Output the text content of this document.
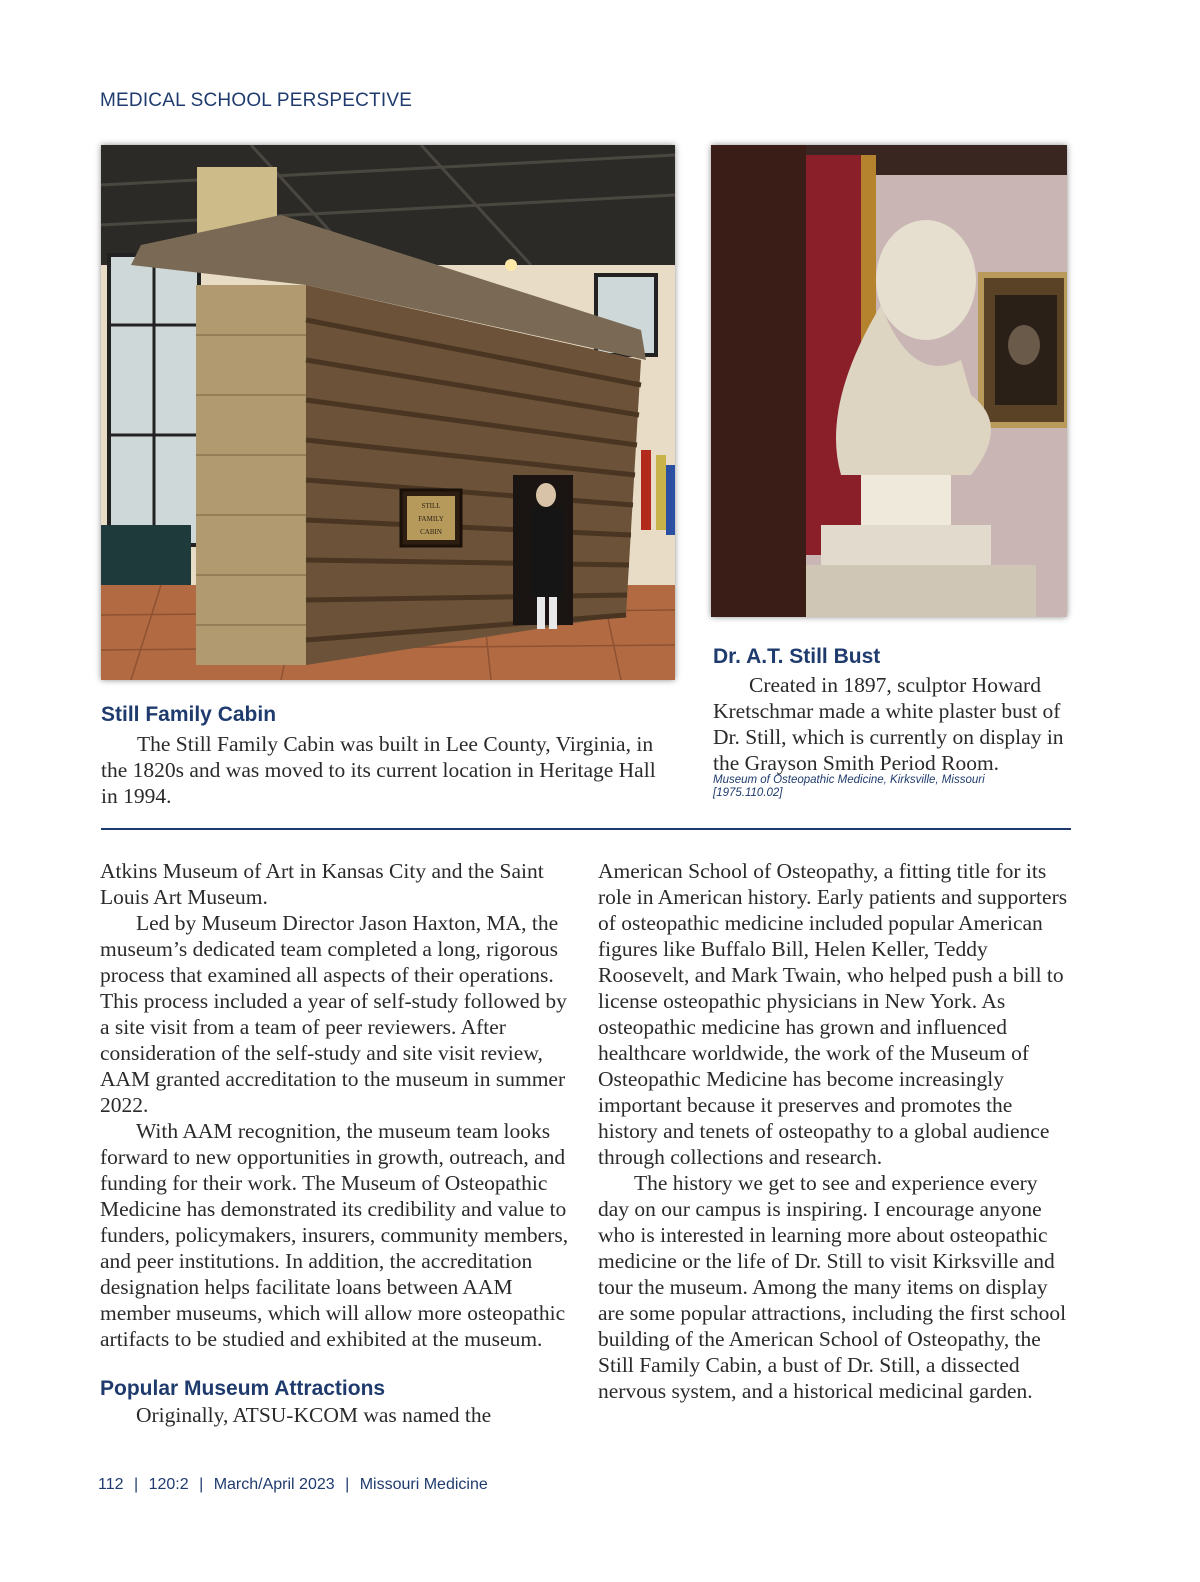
MEDICAL SCHOOL PERSPECTIVE
STILL
FAMILY
CABIN
Still Family Cabin

The Still Family Cabin was built in Lee County, Virginia, in the 1820s and was moved to its current location in Heritage Hall in 1994.

Dr. A.T. Still Bust

Created in 1897, sculptor Howard Kretschmar made a white plaster bust of Dr. Still, which is currently on display in the Grayson Smith Period Room.

Museum of Osteopathic Medicine, Kirksville, Missouri
[1975.110.02]

Atkins Museum of Art in Kansas City and the Saint Louis Art Museum.

Led by Museum Director Jason Haxton, MA, the museum’s dedicated team completed a long, rigorous process that examined all aspects of their operations. This process included a year of self-study followed by a site visit from a team of peer reviewers. After consideration of the self-study and site visit review, AAM granted accreditation to the museum in summer 2022.

With AAM recognition, the museum team looks forward to new opportunities in growth, outreach, and funding for their work. The Museum of Osteopathic Medicine has demonstrated its credibility and value to funders, policymakers, insurers, community members, and peer institutions. In addition, the accreditation designation helps facilitate loans between AAM member museums, which will allow more osteopathic artifacts to be studied and exhibited at the museum.

Popular Museum Attractions

Originally, ATSU-KCOM was named the

American School of Osteopathy, a fitting title for its role in American history. Early patients and supporters of osteopathic medicine included popular American figures like Buffalo Bill, Helen Keller, Teddy Roosevelt, and Mark Twain, who helped push a bill to license osteopathic physicians in New York. As osteopathic medicine has grown and influenced healthcare worldwide, the work of the Museum of Osteopathic Medicine has become increasingly important because it preserves and promotes the history and tenets of osteopathy to a global audience through collections and research.

The history we get to see and experience every day on our campus is inspiring. I encourage anyone who is interested in learning more about osteopathic medicine or the life of Dr. Still to visit Kirksville and tour the museum. Among the many items on display are some popular attractions, including the first school building of the American School of Osteopathy, the Still Family Cabin, a bust of Dr. Still, a dissected nervous system, and a historical medicinal garden.

112 | 120:2 | March/April 2023 | Missouri Medicine
